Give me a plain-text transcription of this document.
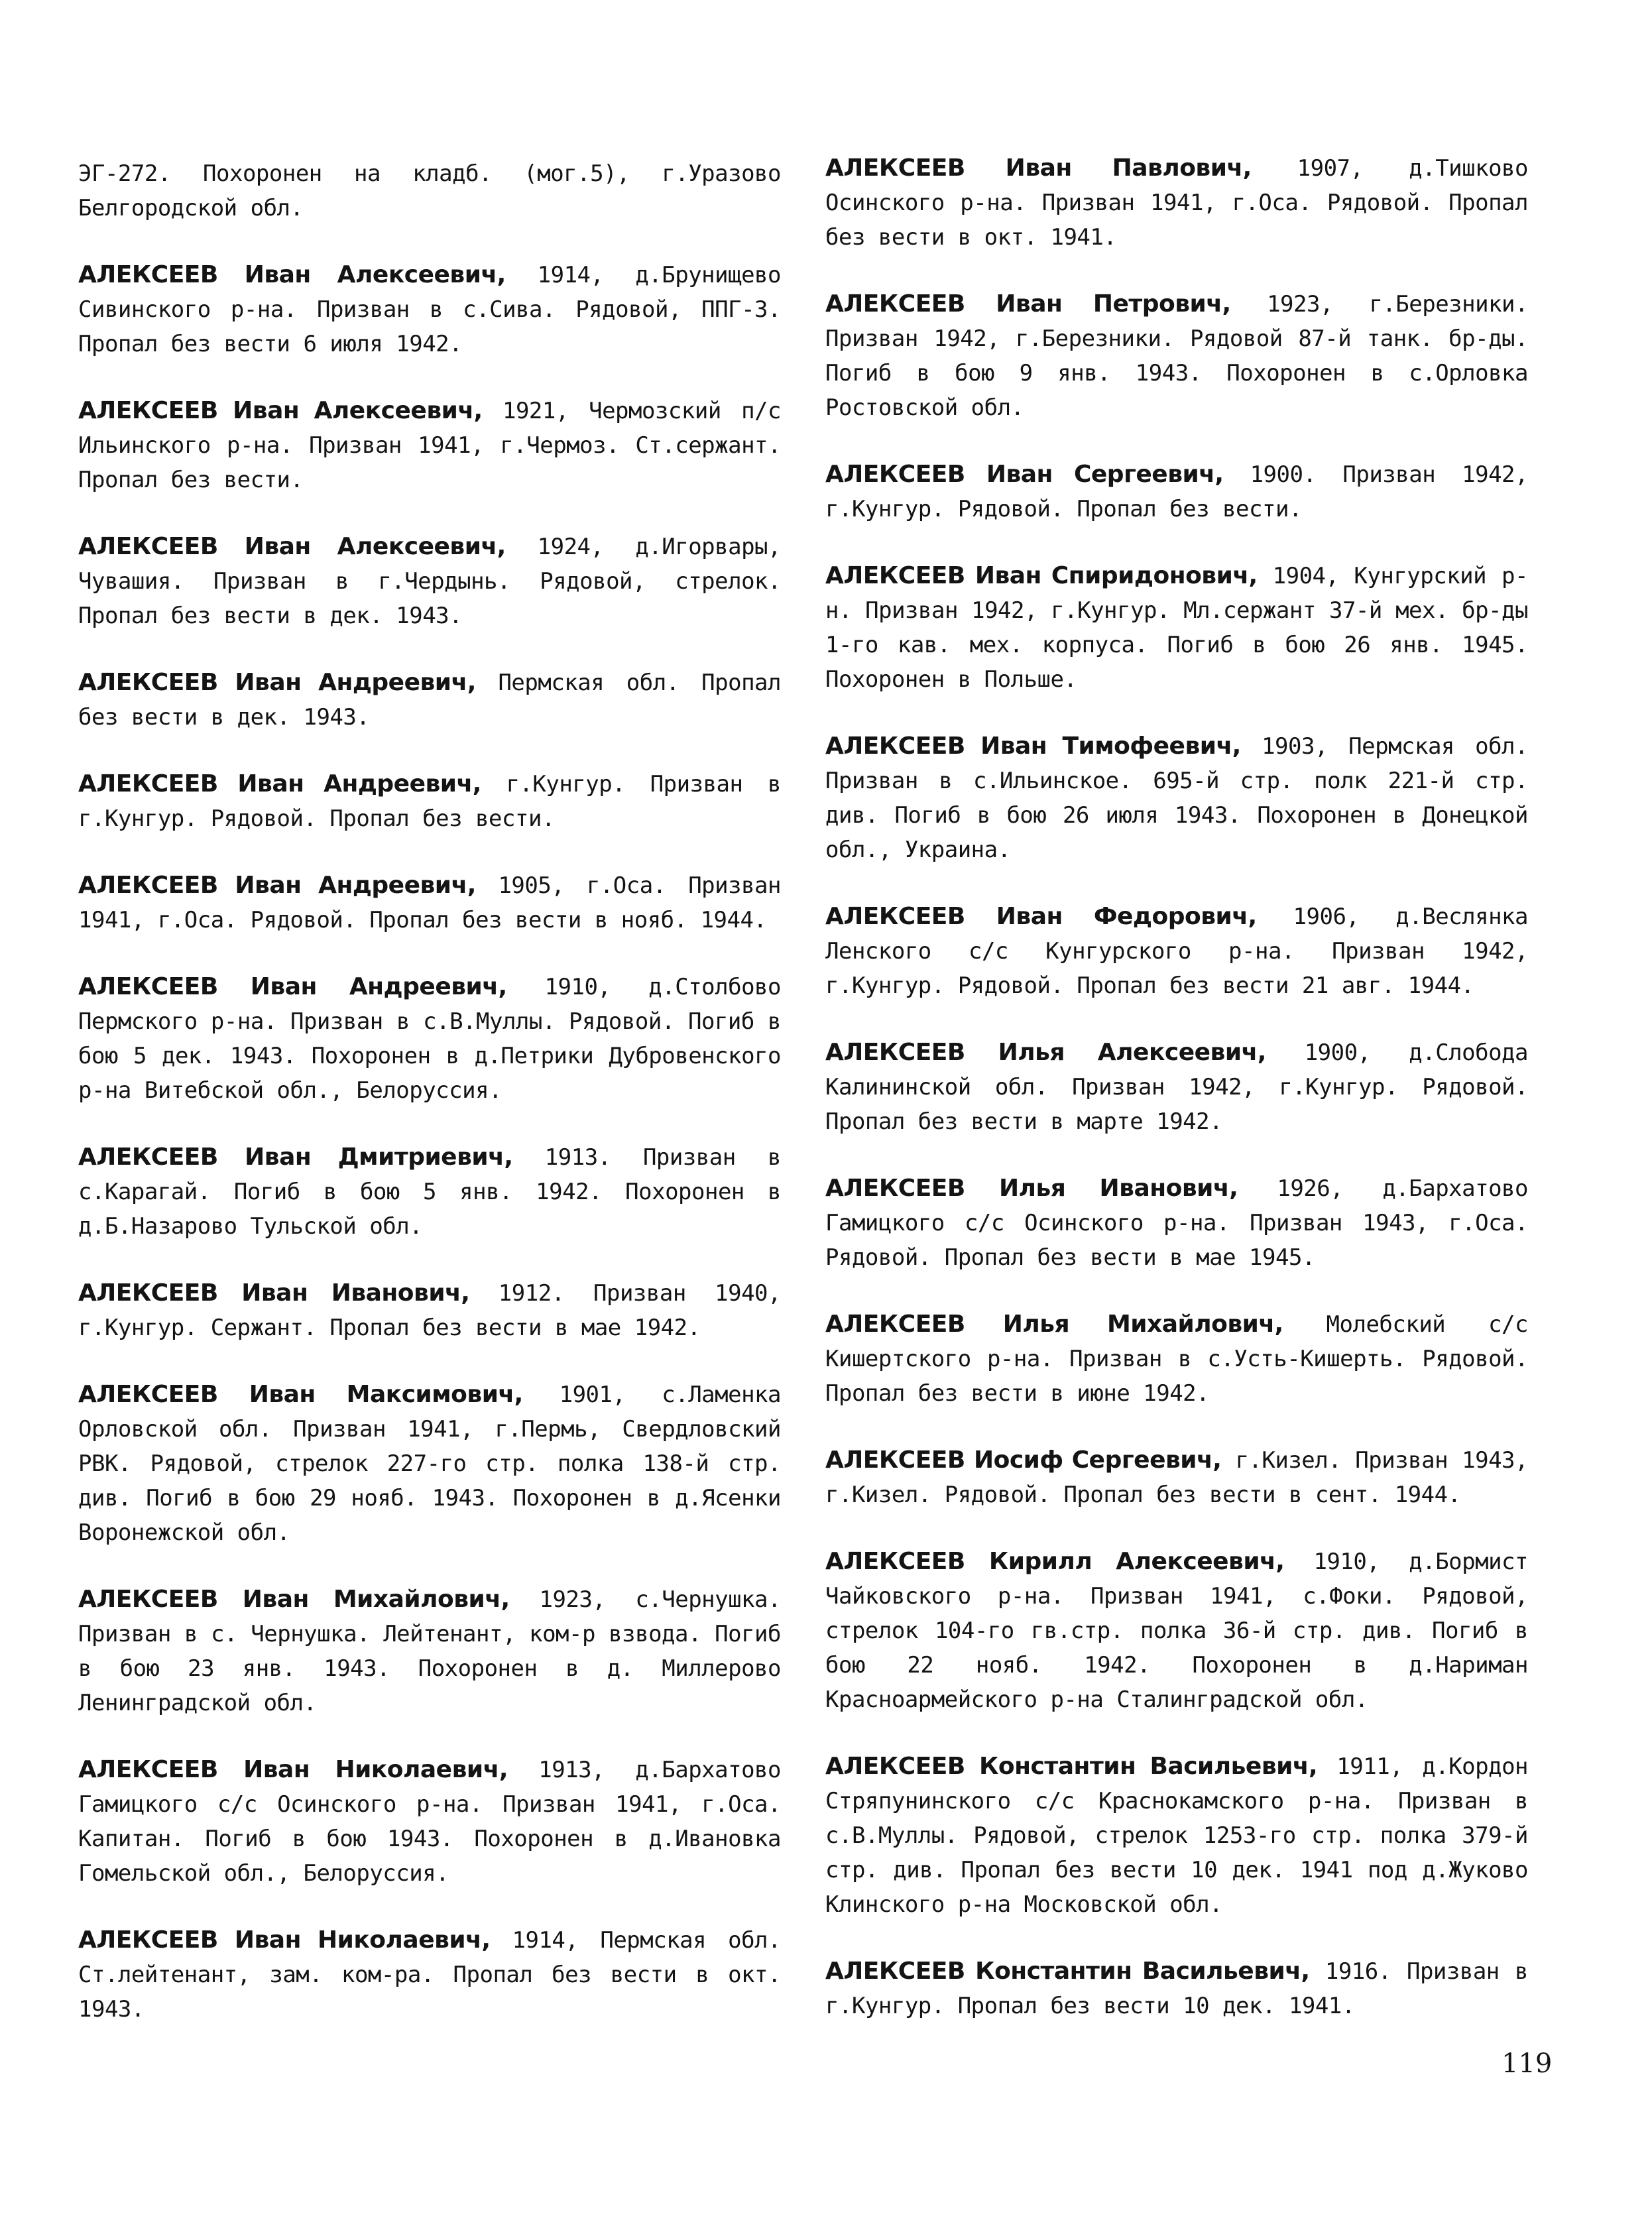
ЭГ-272. Похоронен на кладб. (мог.5), г.Уразово Белгородской обл.

АЛЕКСЕЕВ Иван Алексеевич, 1914, д.Брунищево Сивинского р-на. Призван в с.Сива. Рядовой, ППГ-3. Пропал без вести 6 июля 1942.

АЛЕКСЕЕВ Иван Алексеевич, 1921, Чермозский п/с Ильинского р-на. Призван 1941, г.Чермоз. Ст.сержант. Пропал без вести.

АЛЕКСЕЕВ Иван Алексеевич, 1924, д.Игорвары, Чувашия. Призван в г.Чердынь. Рядовой, стрелок. Пропал без вести в дек. 1943.

АЛЕКСЕЕВ Иван Андреевич, Пермская обл. Пропал без вести в дек. 1943.

АЛЕКСЕЕВ Иван Андреевич, г.Кунгур. Призван в г.Кунгур. Рядовой. Пропал без вести.

АЛЕКСЕЕВ Иван Андреевич, 1905, г.Оса. Призван 1941, г.Оса. Рядовой. Пропал без вести в нояб. 1944.

АЛЕКСЕЕВ Иван Андреевич, 1910, д.Столбово Пермского р-на. Призван в с.В.Муллы. Рядовой. Погиб в бою 5 дек. 1943. Похоронен в д.Петрики Дубровенского р-на Витебской обл., Белоруссия.

АЛЕКСЕЕВ Иван Дмитриевич, 1913. Призван в с.Карагай. Погиб в бою 5 янв. 1942. Похоронен в д.Б.Назарово Тульской обл.

АЛЕКСЕЕВ Иван Иванович, 1912. Призван 1940, г.Кунгур. Сержант. Пропал без вести в мае 1942.

АЛЕКСЕЕВ Иван Максимович, 1901, с.Ламенка Орловской обл. Призван 1941, г.Пермь, Свердловский РВК. Рядовой, стрелок 227-го стр. полка 138-й стр. див. Погиб в бою 29 нояб. 1943. Похоронен в д.Ясенки Воронежской обл.

АЛЕКСЕЕВ Иван Михайлович, 1923, с.Чернушка. Призван в с. Чернушка. Лейтенант, ком-р взвода. Погиб в бою 23 янв. 1943. Похоронен в д. Миллерово Ленинградской обл.

АЛЕКСЕЕВ Иван Николаевич, 1913, д.Бархатово Гамицкого с/с Осинского р-на. Призван 1941, г.Оса. Капитан. Погиб в бою 1943. Похоронен в д.Ивановка Гомельской обл., Белоруссия.

АЛЕКСЕЕВ Иван Николаевич, 1914, Пермская обл. Ст.лейтенант, зам. ком-ра. Пропал без вести в окт. 1943.

АЛЕКСЕЕВ Иван Павлович, 1907, д.Тишково Осинского р-на. Призван 1941, г.Оса. Рядовой. Пропал без вести в окт. 1941.

АЛЕКСЕЕВ Иван Петрович, 1923, г.Березники. Призван 1942, г.Березники. Рядовой 87-й танк. бр-ды. Погиб в бою 9 янв. 1943. Похоронен в с.Орловка Ростовской обл.

АЛЕКСЕЕВ Иван Сергеевич, 1900. Призван 1942, г.Кунгур. Рядовой. Пропал без вести.

АЛЕКСЕЕВ Иван Спиридонович, 1904, Кунгурский р-н. Призван 1942, г.Кунгур. Мл.сержант 37-й мех. бр-ды 1-го кав. мех. корпуса. Погиб в бою 26 янв. 1945. Похоронен в Польше.

АЛЕКСЕЕВ Иван Тимофеевич, 1903, Пермская обл. Призван в с.Ильинское. 695-й стр. полк 221-й стр. див. Погиб в бою 26 июля 1943. Похоронен в Донецкой обл., Украина.

АЛЕКСЕЕВ Иван Федорович, 1906, д.Веслянка Ленского с/с Кунгурского р-на. Призван 1942, г.Кунгур. Рядовой. Пропал без вести 21 авг. 1944.

АЛЕКСЕЕВ Илья Алексеевич, 1900, д.Слобода Калининской обл. Призван 1942, г.Кунгур. Рядовой. Пропал без вести в марте 1942.

АЛЕКСЕЕВ Илья Иванович, 1926, д.Бархатово Гамицкого с/с Осинского р-на. Призван 1943, г.Оса. Рядовой. Пропал без вести в мае 1945.

АЛЕКСЕЕВ Илья Михайлович, Молебский с/с Кишертского р-на. Призван в с.Усть-Кишерть. Рядовой. Пропал без вести в июне 1942.

АЛЕКСЕЕВ Иосиф Сергеевич, г.Кизел. Призван 1943, г.Кизел. Рядовой. Пропал без вести в сент. 1944.

АЛЕКСЕЕВ Кирилл Алексеевич, 1910, д.Бормист Чайковского р-на. Призван 1941, с.Фоки. Рядовой, стрелок 104-го гв.стр. полка 36-й стр. див. Погиб в бою 22 нояб. 1942. Похоронен в д.Нариман Красноармейского р-на Сталинградской обл.

АЛЕКСЕЕВ Константин Васильевич, 1911, д.Кордон Стряпунинского с/с Краснокамского р-на. Призван в с.В.Муллы. Рядовой, стрелок 1253-го стр. полка 379-й стр. див. Пропал без вести 10 дек. 1941 под д.Жуково Клинского р-на Московской обл.

АЛЕКСЕЕВ Константин Васильевич, 1916. Призван в г.Кунгур. Пропал без вести 10 дек. 1941.

119
